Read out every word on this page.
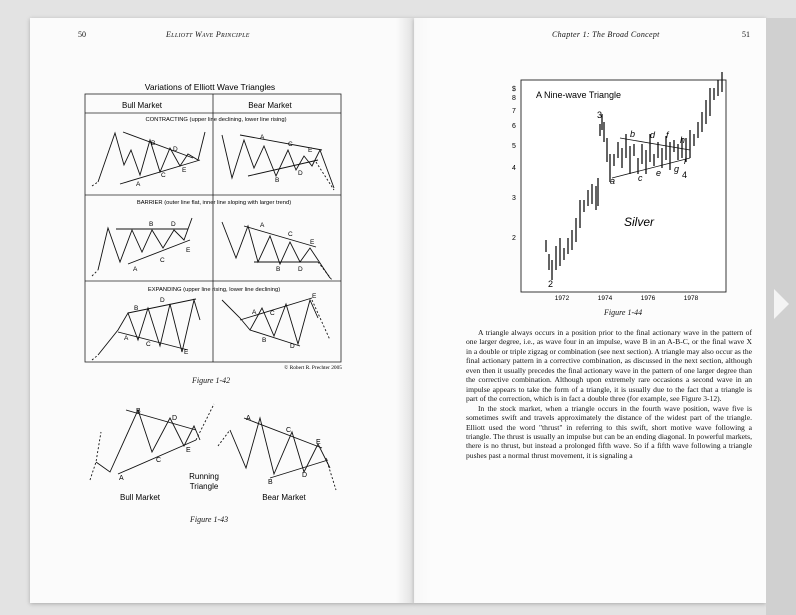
50	Elliott Wave Principle	Chapter 1: The Broad Concept	51
Variations of Elliott Wave Triangles
Bull Market	Bear Market
CONTRACTING (upper line declining, lower line rising)
A
B
C
D
E
A
B
C
D
E
BARRIER (outer line flat, inner line sloping with larger trend)
A
B
C
D
E
A
B
C
D
E
EXPANDING (upper line rising, lower line declining)
A
B
C
D
E
A
B
C
D
E
© Robert R. Prechter 2005
A
B
C
D
E
Bull Market
Running
Triangle
A
B
C
D
E
Bear Market
A Nine-wave Triangle
$
8
7
6
5
4
3
2
1972	1974	1976	1978
2
3
4
a
b
c
d
e
f
g
h
i
Silver
Figure 1-42
Figure 1-43
Figure 1-44

A triangle always occurs in a position prior to the final actionary wave in the pattern of one larger degree, i.e., as wave four in an impulse, wave B in an A-B-C, or the final wave X in a double or triple zigzag or combination (see next section). A triangle may also occur as the final actionary pattern in a corrective combination, as discussed in the next section, although even then it usually precedes the final actionary wave in the pattern of one larger degree than the corrective combination. Although upon extremely rare occasions a second wave in an impulse appears to take the form of a triangle, it is usually due to the fact that a triangle is part of the correction, which is in fact a double three (for example, see Figure 3-12).

In the stock market, when a triangle occurs in the fourth wave position, wave five is sometimes swift and travels approximately the distance of the widest part of the triangle. Elliott used the word "thrust" in referring to this swift, short motive wave following a triangle. The thrust is usually an impulse but can be an ending diagonal. In powerful markets, there is no thrust, but instead a prolonged fifth wave. So if a fifth wave following a triangle pushes past a normal thrust movement, it is signaling a
